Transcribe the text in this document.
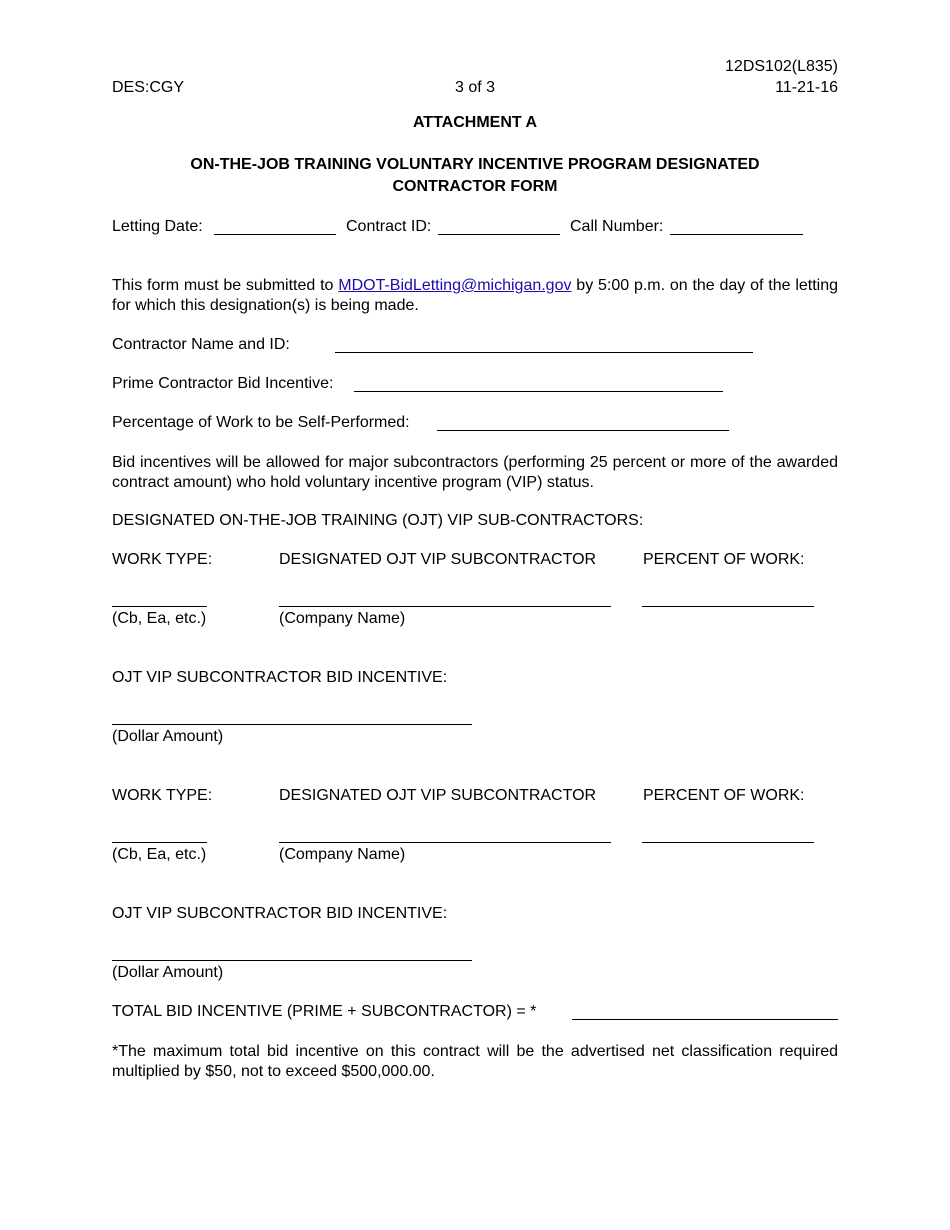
12DS102(L835)
DES:CGY	3 of 3	11-21-16
ATTACHMENT A
ON-THE-JOB TRAINING VOLUNTARY INCENTIVE PROGRAM DESIGNATED
CONTRACTOR FORM
Letting Date:	Contract ID:	Call Number:
This form must be submitted to MDOT-BidLetting@michigan.gov by 5:00 p.m. on the day of the letting for which this designation(s) is being made.
Contractor Name and ID:
Prime Contractor Bid Incentive:
Percentage of Work to be Self-Performed:
Bid incentives will be allowed for major subcontractors (performing 25 percent or more of the awarded contract amount) who hold voluntary incentive program (VIP) status.
DESIGNATED ON-THE-JOB TRAINING (OJT) VIP SUB-CONTRACTORS:
WORK TYPE:	DESIGNATED OJT VIP SUBCONTRACTOR	PERCENT OF WORK:
(Cb, Ea, etc.)	(Company Name)
OJT VIP SUBCONTRACTOR BID INCENTIVE:
(Dollar Amount)
WORK TYPE:	DESIGNATED OJT VIP SUBCONTRACTOR	PERCENT OF WORK:
(Cb, Ea, etc.)	(Company Name)
OJT VIP SUBCONTRACTOR BID INCENTIVE:
(Dollar Amount)
TOTAL BID INCENTIVE (PRIME + SUBCONTRACTOR) = *
*The maximum total bid incentive on this contract will be the advertised net classification required multiplied by $50, not to exceed $500,000.00.
